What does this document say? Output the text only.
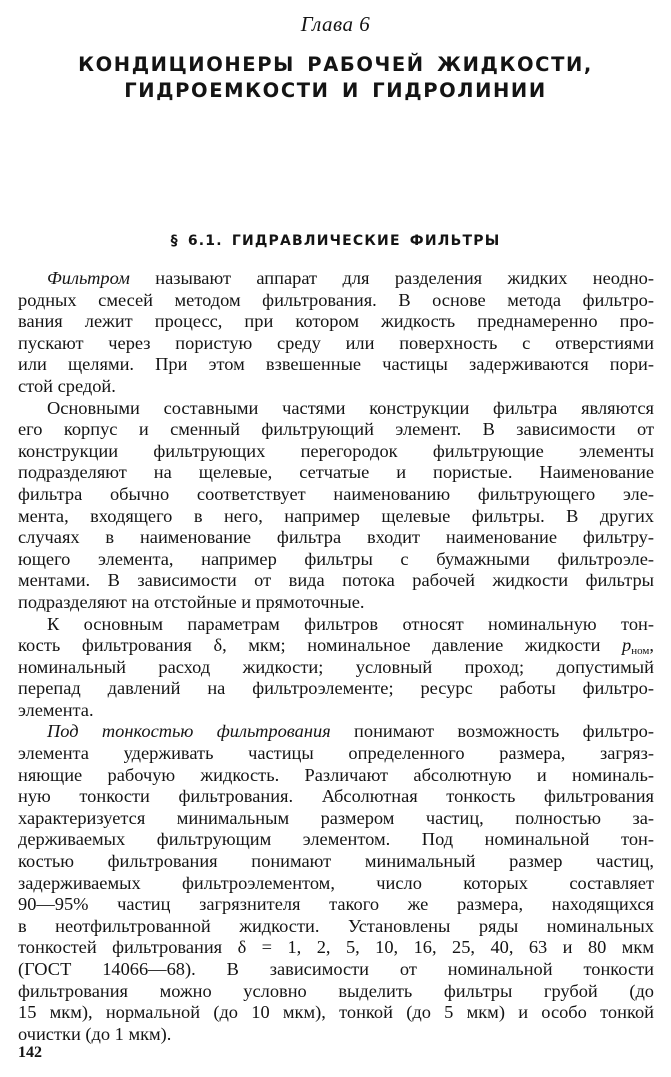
Глава 6
КОНДИЦИОНЕРЫ РАБОЧЕЙ ЖИДКОСТИ,
ГИДРОЕМКОСТИ И ГИДРОЛИНИИ
§ 6.1. ГИДРАВЛИЧЕСКИЕ ФИЛЬТРЫ
Фильтром называют аппарат для разделения жидких неодно-
родных смесей методом фильтрования. В основе метода фильтро-
вания лежит процесс, при котором жидкость преднамеренно про-
пускают через пористую среду или поверхность с отверстиями
или щелями. При этом взвешенные частицы задерживаются пори-
стой средой.
Основными составными частями конструкции фильтра являются
его корпус и сменный фильтрующий элемент. В зависимости от
конструкции фильтрующих перегородок фильтрующие элементы
подразделяют на щелевые, сетчатые и пористые. Наименование
фильтра обычно соответствует наименованию фильтрующего эле-
мента, входящего в него, например щелевые фильтры. В других
случаях в наименование фильтра входит наименование фильтру-
ющего элемента, например фильтры с бумажными фильтроэле-
ментами. В зависимости от вида потока рабочей жидкости фильтры
подразделяют на отстойные и прямоточные.
К основным параметрам фильтров относят номинальную тон-
кость фильтрования δ, мкм; номинальное давление жидкости $p_{ном}$,
номинальный расход жидкости; условный проход; допустимый
перепад давлений на фильтроэлементе; ресурс работы фильтро-
элемента.
Под тонкостью фильтрования понимают возможность фильтро-
элемента удерживать частицы определенного размера, загряз-
няющие рабочую жидкость. Различают абсолютную и номиналь-
ную тонкости фильтрования. Абсолютная тонкость фильтрования
характеризуется минимальным размером частиц, полностью за-
держиваемых фильтрующим элементом. Под номинальной тон-
костью фильтрования понимают минимальный размер частиц,
задерживаемых фильтроэлементом, число которых составляет
90—95% частиц загрязнителя такого же размера, находящихся
в неотфильтрованной жидкости. Установлены ряды номинальных
тонкостей фильтрования δ = 1, 2, 5, 10, 16, 25, 40, 63 и 80 мкм
(ГОСТ 14066—68). В зависимости от номинальной тонкости
фильтрования можно условно выделить фильтры грубой (до
15 мкм), нормальной (до 10 мкм), тонкой (до 5 мкм) и особо тонкой
очистки (до 1 мкм).
142
